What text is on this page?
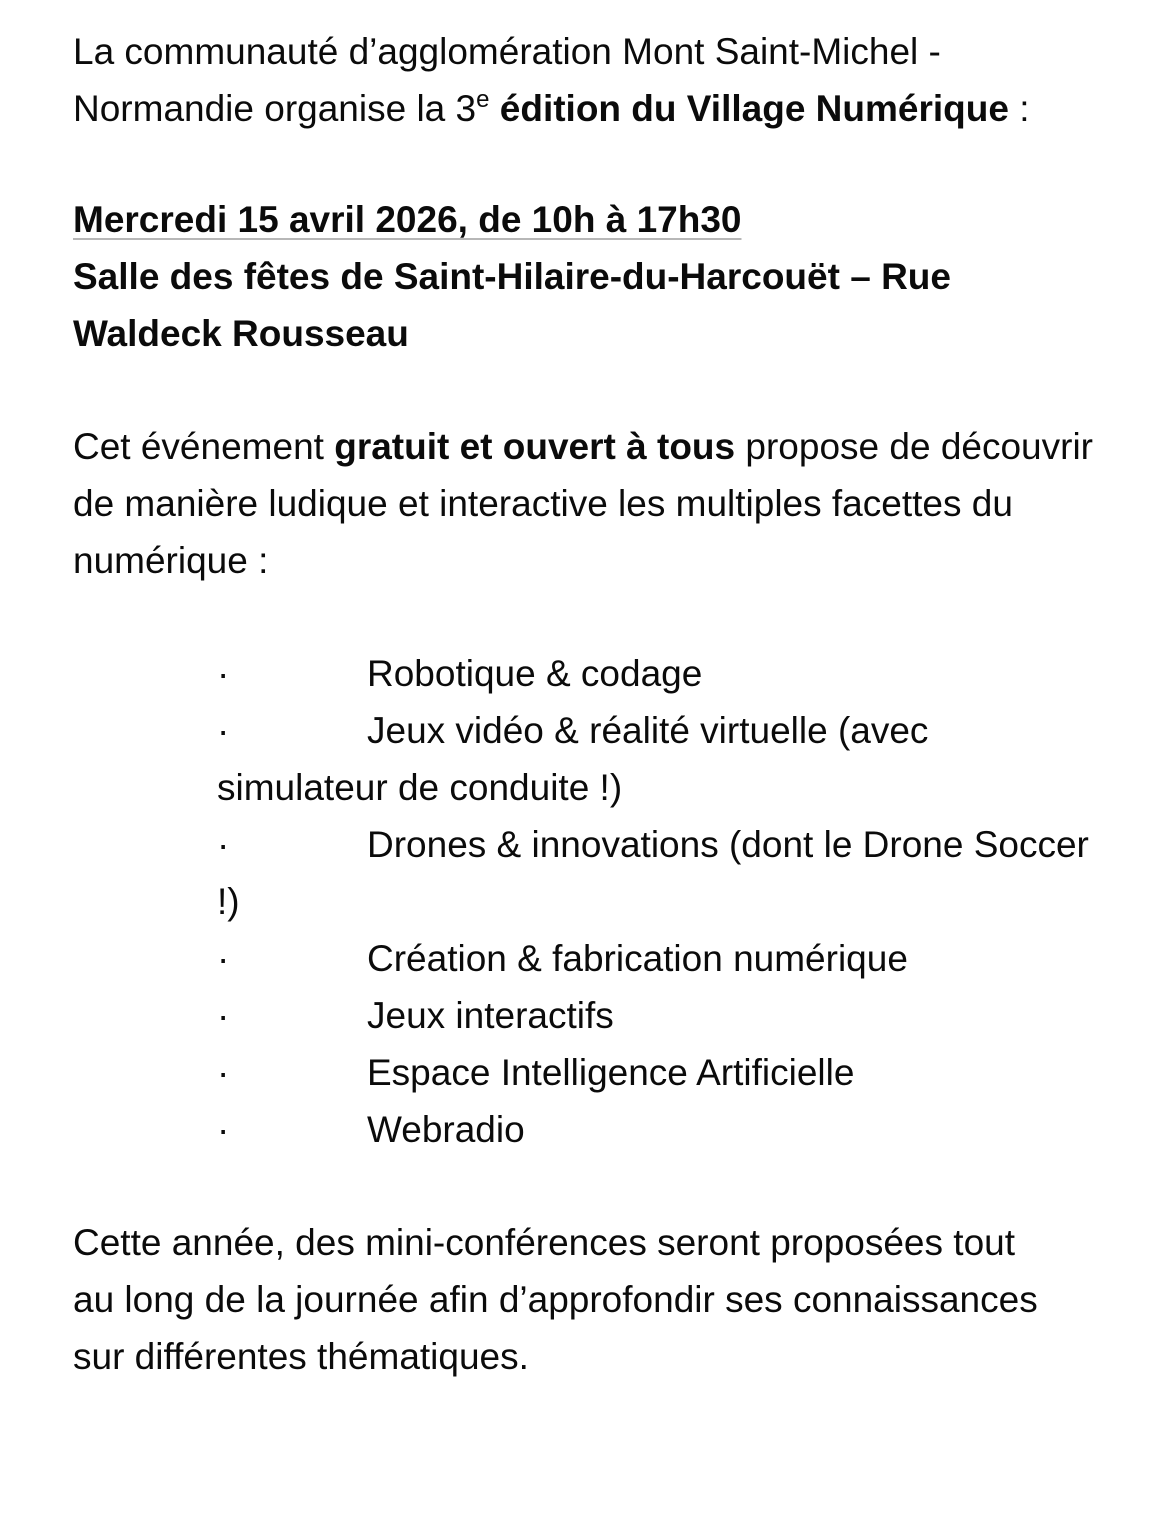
La communauté d’agglomération Mont Saint-Michel - Normandie organise la 3e édition du Village Numérique :

Mercredi 15 avril 2026, de 10h à 17h30
Salle des fêtes de Saint-Hilaire-du-Harcouët – Rue Waldeck Rousseau

Cet événement gratuit et ouvert à tous propose de découvrir de manière ludique et interactive les multiples facettes du numérique :

·	Robotique & codage
·	Jeux vidéo & réalité virtuelle (avec simulateur de conduite !)
·	Drones & innovations (dont le Drone Soccer !)
·	Création & fabrication numérique
·	Jeux interactifs
·	Espace Intelligence Artificielle
·	Webradio

Cette année, des mini-conférences seront proposées tout au long de la journée afin d’approfondir ses connaissances sur différentes thématiques.
